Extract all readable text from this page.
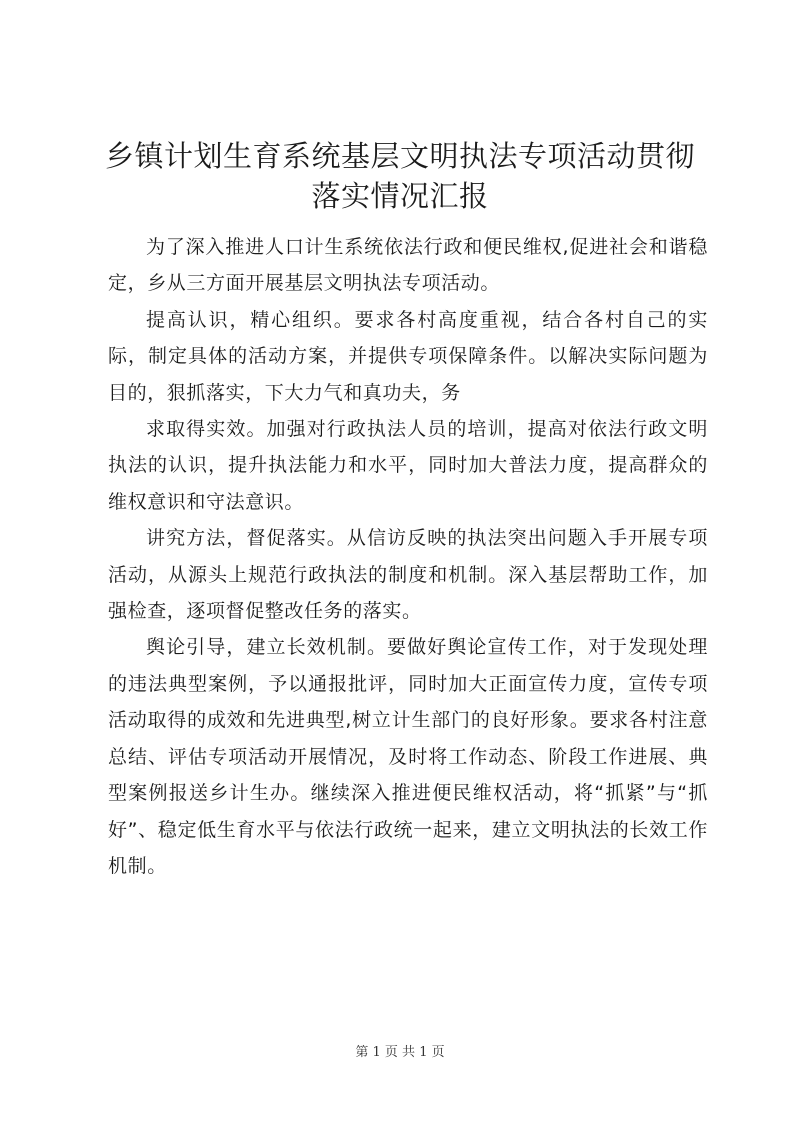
乡镇计划生育系统基层文明执法专项活动贯彻
落实情况汇报

为了深入推进人口计生系统依法行政和便民维权,促进社会和谐稳定，乡从三方面开展基层文明执法专项活动。

提高认识，精心组织。要求各村高度重视，结合各村自己的实际，制定具体的活动方案，并提供专项保障条件。以解决实际问题为目的，狠抓落实，下大力气和真功夫，务

求取得实效。加强对行政执法人员的培训，提高对依法行政文明执法的认识，提升执法能力和水平，同时加大普法力度，提高群众的维权意识和守法意识。

讲究方法，督促落实。从信访反映的执法突出问题入手开展专项活动，从源头上规范行政执法的制度和机制。深入基层帮助工作，加强检查，逐项督促整改任务的落实。

舆论引导，建立长效机制。要做好舆论宣传工作，对于发现处理的违法典型案例，予以通报批评，同时加大正面宣传力度，宣传专项活动取得的成效和先进典型,树立计生部门的良好形象。要求各村注意总结、评估专项活动开展情况，及时将工作动态、阶段工作进展、典型案例报送乡计生办。继续深入推进便民维权活动，将“抓紧”与“抓好”、稳定低生育水平与依法行政统一起来，建立文明执法的长效工作机制。

第 1 页 共 1 页
